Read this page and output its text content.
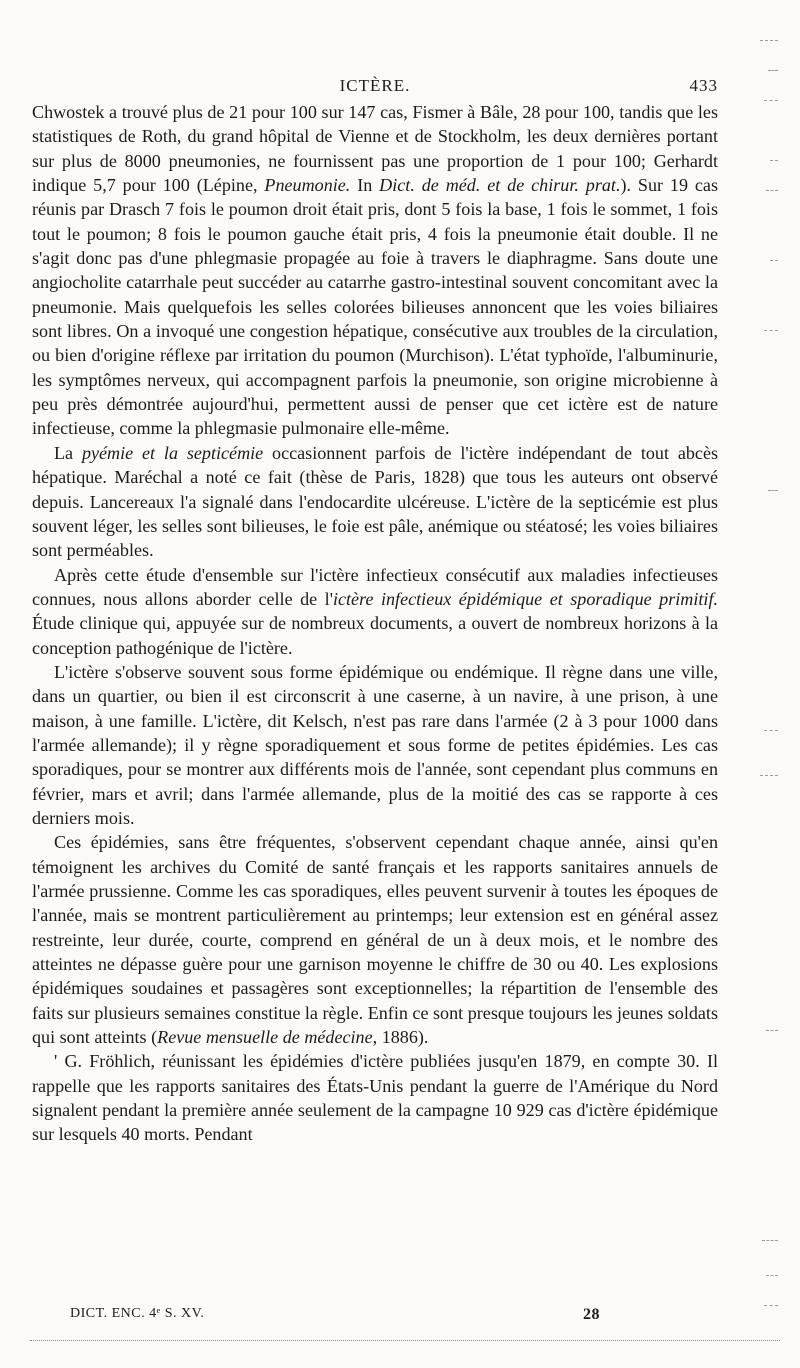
ICTÈRE.	433

Chwostek a trouvé plus de 21 pour 100 sur 147 cas, Fismer à Bâle, 28 pour 100, tandis que les statistiques de Roth, du grand hôpital de Vienne et de Stockholm, les deux dernières portant sur plus de 8000 pneumonies, ne fournissent pas une proportion de 1 pour 100; Gerhardt indique 5,7 pour 100 (Lépine, Pneumonie. In Dict. de méd. et de chirur. prat.). Sur 19 cas réunis par Drasch 7 fois le poumon droit était pris, dont 5 fois la base, 1 fois le sommet, 1 fois tout le poumon; 8 fois le poumon gauche était pris, 4 fois la pneumonie était double. Il ne s'agit donc pas d'une phlegmasie propagée au foie à travers le diaphragme. Sans doute une angiocholite catarrhale peut succéder au catarrhe gastro-intestinal souvent concomitant avec la pneumonie. Mais quelquefois les selles colorées bilieuses annoncent que les voies biliaires sont libres. On a invoqué une congestion hépatique, consécutive aux troubles de la circulation, ou bien d'origine réflexe par irritation du poumon (Murchison). L'état typhoïde, l'albuminurie, les symptômes nerveux, qui accompagnent parfois la pneumonie, son origine microbienne à peu près démontrée aujourd'hui, permettent aussi de penser que cet ictère est de nature infectieuse, comme la phlegmasie pulmonaire elle-même.

La pyémie et la septicémie occasionnent parfois de l'ictère indépendant de tout abcès hépatique. Maréchal a noté ce fait (thèse de Paris, 1828) que tous les auteurs ont observé depuis. Lancereaux l'a signalé dans l'endocardite ulcéreuse. L'ictère de la septicémie est plus souvent léger, les selles sont bilieuses, le foie est pâle, anémique ou stéatosé; les voies biliaires sont perméables.

Après cette étude d'ensemble sur l'ictère infectieux consécutif aux maladies infectieuses connues, nous allons aborder celle de l'ictère infectieux épidémique et sporadique primitif. Étude clinique qui, appuyée sur de nombreux documents, a ouvert de nombreux horizons à la conception pathogénique de l'ictère.

L'ictère s'observe souvent sous forme épidémique ou endémique. Il règne dans une ville, dans un quartier, ou bien il est circonscrit à une caserne, à un navire, à une prison, à une maison, à une famille. L'ictère, dit Kelsch, n'est pas rare dans l'armée (2 à 3 pour 1000 dans l'armée allemande); il y règne sporadiquement et sous forme de petites épidémies. Les cas sporadiques, pour se montrer aux différents mois de l'année, sont cependant plus communs en février, mars et avril; dans l'armée allemande, plus de la moitié des cas se rapporte à ces derniers mois.

Ces épidémies, sans être fréquentes, s'observent cependant chaque année, ainsi qu'en témoignent les archives du Comité de santé français et les rapports sanitaires annuels de l'armée prussienne. Comme les cas sporadiques, elles peuvent survenir à toutes les époques de l'année, mais se montrent particulièrement au printemps; leur extension est en général assez restreinte, leur durée, courte, comprend en général de un à deux mois, et le nombre des atteintes ne dépasse guère pour une garnison moyenne le chiffre de 30 ou 40. Les explosions épidémiques soudaines et passagères sont exceptionnelles; la répartition de l'ensemble des faits sur plusieurs semaines constitue la règle. Enfin ce sont presque toujours les jeunes soldats qui sont atteints (Revue mensuelle de médecine, 1886).

' G. Fröhlich, réunissant les épidémies d'ictère publiées jusqu'en 1879, en compte 30. Il rappelle que les rapports sanitaires des États-Unis pendant la guerre de l'Amérique du Nord signalent pendant la première année seulement de la campagne 10 929 cas d'ictère épidémique sur lesquels 40 morts. Pendant

DICT. ENC. 4ᵉ S. XV.	28
